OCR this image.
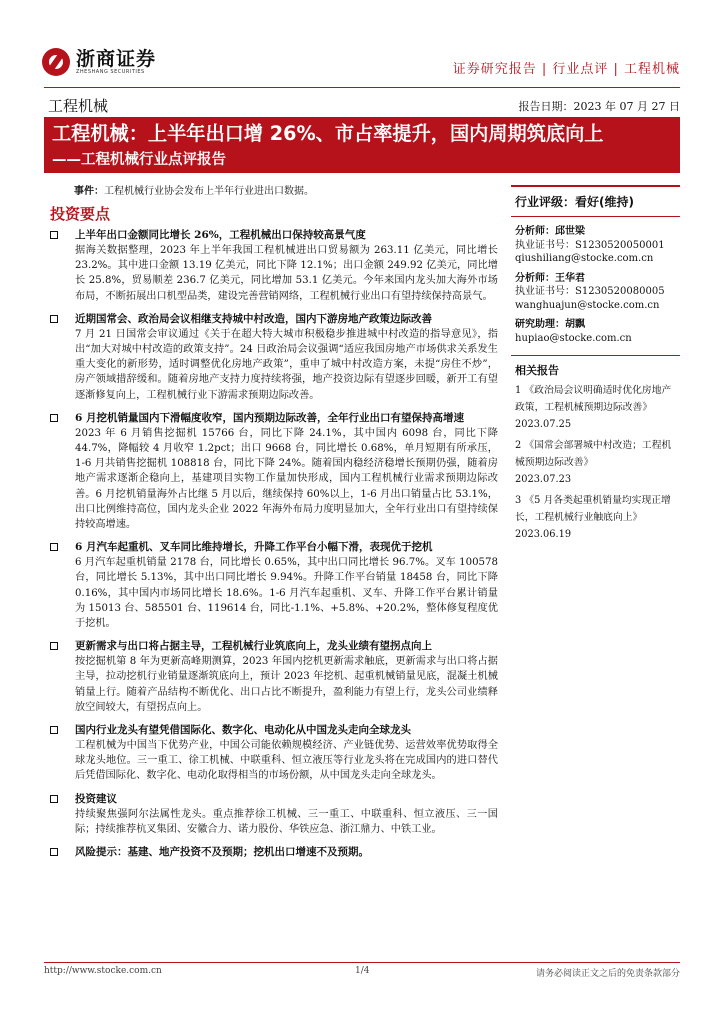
浙商证券
ZHESHANG SECURITIES	证券研究报告 | 行业点评 | 工程机械
工程机械	报告日期：2023 年 07 月 27 日
工程机械：上半年出口增 26%、市占率提升，国内周期筑底向上
——工程机械行业点评报告
事件：工程机械行业协会发布上半年行业进出口数据。
投资要点
上半年出口金额同比增长 26%，工程机械出口保持较高景气度
据海关数据整理，2023 年上半年我国工程机械进出口贸易额为 263.11 亿美元，同比增长 23.2%。其中进口金额 13.19 亿美元，同比下降 12.1%；出口金额 249.92 亿美元，同比增长 25.8%，贸易顺差 236.7 亿美元，同比增加 53.1 亿美元。今年来国内龙头加大海外市场布局，不断拓展出口机型品类，建设完善营销网络，工程机械行业出口有望持续保持高景气。
近期国常会、政治局会议相继支持城中村改造，国内下游房地产政策边际改善
7 月 21 日国常会审议通过《关于在超大特大城市积极稳步推进城中村改造的指导意见》，指出“加大对城中村改造的政策支持”。24 日政治局会议强调“适应我国房地产市场供求关系发生重大变化的新形势，适时调整优化房地产政策”，重申了城中村改造方案，未提“房住不炒”，房产领域措辞缓和。随着房地产支持力度持续将强，地产投资边际有望逐步回暖，新开工有望逐渐修复向上，工程机械行业下游需求预期边际改善。
6 月挖机销量国内下滑幅度收窄，国内预期边际改善，全年行业出口有望保持高增速
2023 年 6 月销售挖掘机 15766 台，同比下降 24.1%，其中国内 6098 台，同比下降 44.7%，降幅较 4 月收窄 1.2pct；出口 9668 台，同比增长 0.68%，单月短期有所承压，1-6 月共销售挖掘机 108818 台，同比下降 24%。随着国内稳经济稳增长预期仍强，随着房地产需求逐渐企稳向上，基建项目实物工作量加快形成，国内工程机械行业需求预期边际改善。6 月挖机销量海外占比继 5 月以后，继续保持 60%以上，1-6 月出口销量占比 53.1%，出口比例维持高位，国内龙头企业 2022 年海外布局力度明显加大，全年行业出口有望持续保持较高增速。
6 月汽车起重机、叉车同比维持增长，升降工作平台小幅下滑，表现优于挖机
6 月汽车起重机销量 2178 台，同比增长 0.65%，其中出口同比增长 96.7%。叉车 100578 台，同比增长 5.13%，其中出口同比增长 9.94%。升降工作平台销量 18458 台，同比下降 0.16%，其中国内市场同比增长 18.6%。1-6 月汽车起重机、叉车、升降工作平台累计销量为 15013 台、585501 台、119614 台，同比-1.1%、+5.8%、+20.2%，整体修复程度优于挖机。
更新需求与出口将占据主导，工程机械行业筑底向上，龙头业绩有望拐点向上
按挖掘机第 8 年为更新高峰期测算，2023 年国内挖机更新需求触底，更新需求与出口将占据主导，拉动挖机行业销量逐渐筑底向上，预计 2023 年挖机、起重机械销量见底，混凝土机械销量上行。随着产品结构不断优化、出口占比不断提升，盈利能力有望上行，龙头公司业绩释放空间较大，有望拐点向上。
国内行业龙头有望凭借国际化、数字化、电动化从中国龙头走向全球龙头
工程机械为中国当下优势产业，中国公司能依赖规模经济、产业链优势、运营效率优势取得全球龙头地位。三一重工、徐工机械、中联重科、恒立液压等行业龙头将在完成国内的进口替代后凭借国际化、数字化、电动化取得相当的市场份额，从中国龙头走向全球龙头。
投资建议
持续聚焦强阿尔法属性龙头。重点推荐徐工机械、三一重工、中联重科、恒立液压、三一国际；持续推荐杭叉集团、安徽合力、诺力股份、华铁应急、浙江鼎力、中铁工业。
风险提示：基建、地产投资不及预期；挖机出口增速不及预期。
行业评级：看好(维持)
分析师：邱世梁
执业证书号：S1230520050001
qiushiliang@stocke.com.cn
分析师：王华君
执业证书号：S1230520080005
wanghuajun@stocke.com.cn
研究助理：胡飘
hupiao@stocke.com.cn
相关报告
1 《政治局会议明确适时优化房地产政策，工程机械预期边际改善》 2023.07.25
2 《国常会部署城中村改造；工程机械预期边际改善》
2023.07.23
3 《5 月各类起重机销量均实现正增长，工程机械行业触底向上》 2023.06.19
http://www.stocke.com.cn	1/4	请务必阅读正文之后的免责条款部分
